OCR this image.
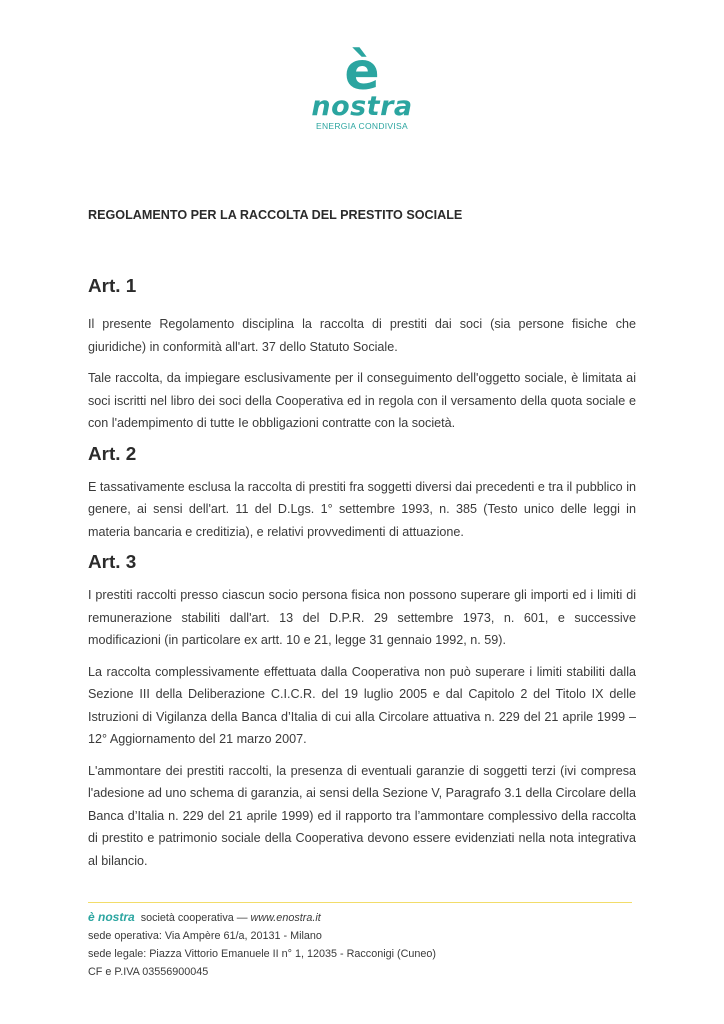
è
nostra
ENERGIA CONDIVISA
REGOLAMENTO PER LA RACCOLTA DEL PRESTITO SOCIALE
Art. 1

Il presente Regolamento disciplina la raccolta di prestiti dai soci (sia persone fisiche che giuridiche) in conformità all'art. 37 dello Statuto Sociale.

Tale raccolta, da impiegare esclusivamente per il conseguimento dell'oggetto sociale, è limitata ai soci iscritti nel libro dei soci della Cooperativa ed in regola con il versamento della quota sociale e con l'adempimento di tutte Ie obbligazioni contratte con la società.

Art. 2

E tassativamente esclusa la raccolta di prestiti fra soggetti diversi dai precedenti e tra il pubblico in genere, ai sensi dell'art. 11 del D.Lgs. 1° settembre 1993, n. 385 (Testo unico delle leggi in materia bancaria e creditizia), e relativi provvedimenti di attuazione.

Art. 3

I prestiti raccolti presso ciascun socio persona fisica non possono superare gli importi ed i limiti di remunerazione stabiliti dall'art. 13 del D.P.R. 29 settembre 1973, n. 601, e successive modificazioni (in particolare ex artt. 10 e 21, legge 31 gennaio 1992, n. 59).

La raccolta complessivamente effettuata dalla Cooperativa non può superare i limiti stabiliti dalla Sezione III della Deliberazione C.I.C.R. del 19 luglio 2005 e dal Capitolo 2 del Titolo IX delle Istruzioni di Vigilanza della Banca d’Italia di cui alla Circolare attuativa n. 229 del 21 aprile 1999 – 12° Aggiornamento del 21 marzo 2007.

L'ammontare dei prestiti raccolti, la presenza di eventuali garanzie di soggetti terzi (ivi compresa l'adesione ad uno schema di garanzia, ai sensi della Sezione V, Paragrafo 3.1 della Circolare della Banca d’Italia n. 229 del 21 aprile 1999) ed il rapporto tra l’ammontare complessivo della raccolta di prestito e patrimonio sociale della Cooperativa devono essere evidenziati nella nota integrativa al bilancio.

è nostra società cooperativa — www.enostra.it
sede operativa: Via Ampère 61/a, 20131 - Milano
sede legale: Piazza Vittorio Emanuele II n° 1, 12035 - Racconigi (Cuneo)
CF e P.IVA 03556900045
